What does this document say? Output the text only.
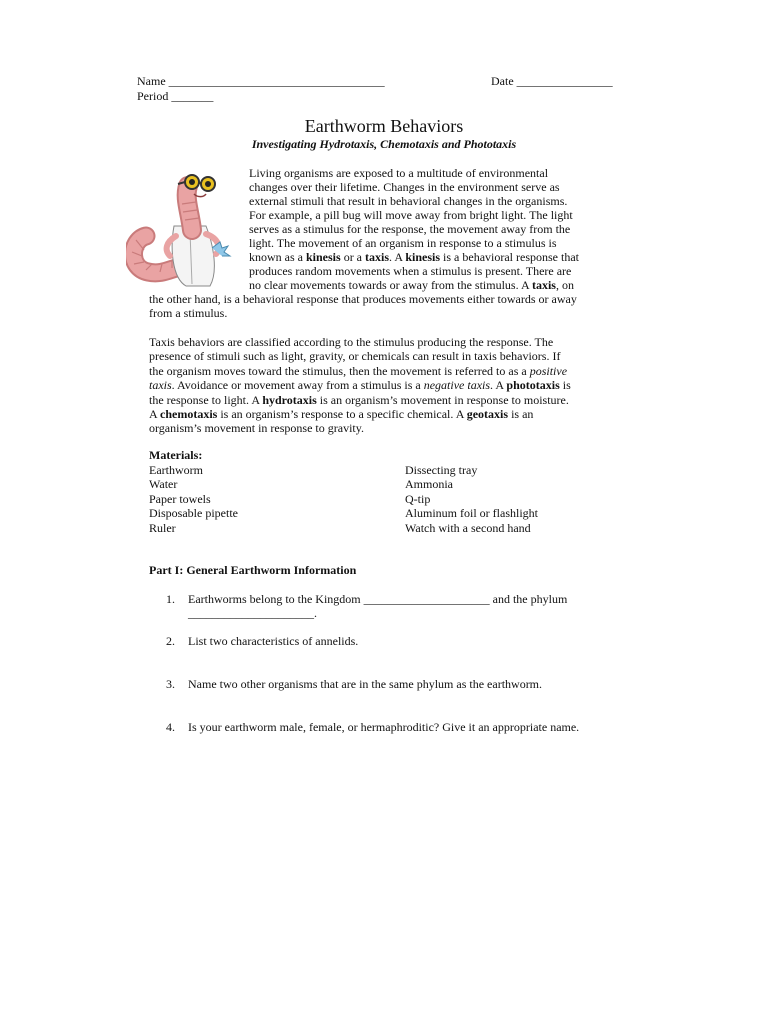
Name ____________________________________	Date ________________
Period _______
Earthworm Behaviors
Investigating Hydrotaxis, Chemotaxis and Phototaxis
Living organisms are exposed to a multitude of environmental
changes over their lifetime. Changes in the environment serve as
external stimuli that result in behavioral changes in the organisms.
For example, a pill bug will move away from bright light. The light
serves as a stimulus for the response, the movement away from the
light. The movement of an organism in response to a stimulus is
known as a kinesis or a taxis. A kinesis is a behavioral response that
produces random movements when a stimulus is present. There are
no clear movements towards or away from the stimulus. A taxis, on
the other hand, is a behavioral response that produces movements either towards or away
from a stimulus.
Taxis behaviors are classified according to the stimulus producing the response. The
presence of stimuli such as light, gravity, or chemicals can result in taxis behaviors. If
the organism moves toward the stimulus, then the movement is referred to as a positive
taxis. Avoidance or movement away from a stimulus is a negative taxis. A phototaxis is
the response to light. A hydrotaxis is an organism’s movement in response to moisture.
A chemotaxis is an organism’s response to a specific chemical. A geotaxis is an
organism’s movement in response to gravity.
Materials:
Earthworm
Water
Paper towels
Disposable pipette
Ruler
Dissecting tray
Ammonia
Q-tip
Aluminum foil or flashlight
Watch with a second hand
Part I: General Earthworm Information
1. Earthworms belong to the Kingdom _____________________ and the phylum
_____________________.
2. List two characteristics of annelids.
3. Name two other organisms that are in the same phylum as the earthworm.
4. Is your earthworm male, female, or hermaphroditic? Give it an appropriate name.
